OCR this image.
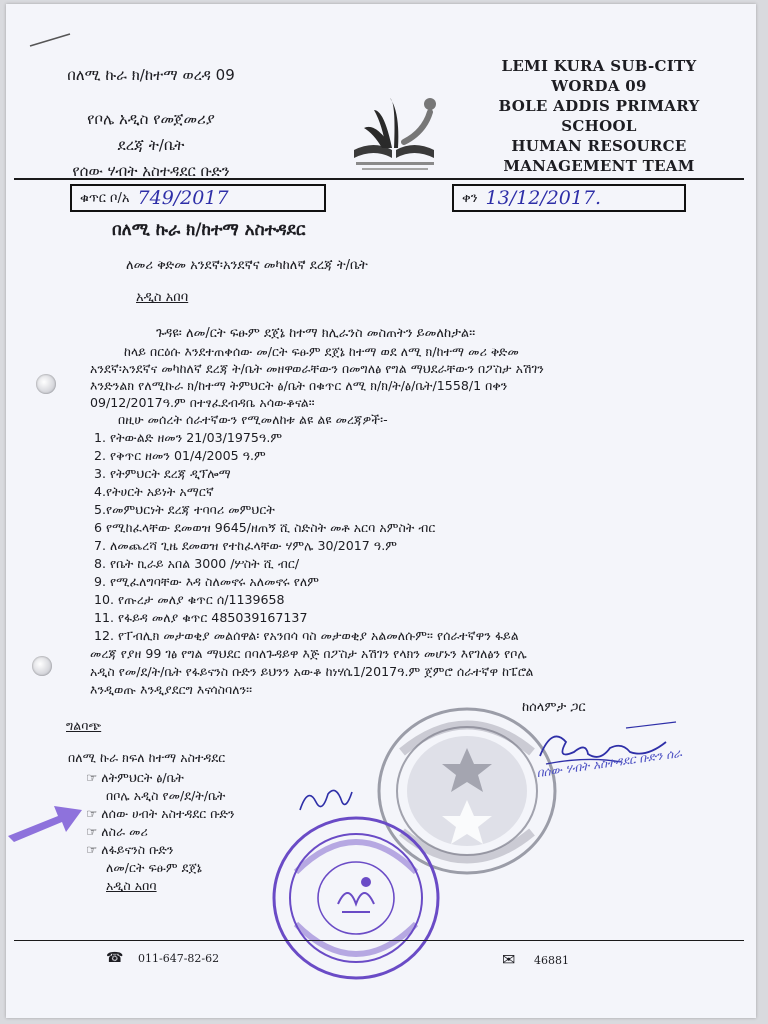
በለሚ ኩራ ክ/ከተማ ወረዳ 09
የቦሌ አዲስ የመጀመሪያ
ደረጃ ት/ቤት
የሰው ሃብት አስተዳደር ቡድን
LEMI KURA SUB-CITY
WORDA 09
BOLE ADDIS PRIMARY
SCHOOL
HUMAN RESOURCE
MANAGEMENT TEAM
ቁጥር ቦ/አ 749/2017	ቀን 13/12/2017.
በለሚ ኩራ ክ/ከተማ አስተዳደር
ለመሪ ቅድመ አንደኛ፡አንደኛና መካከለኛ ደረጃ ት/ቤት
አዲስ አበባ
ጉዳዩ፡ ለመ/ርት ፍፁም ደጀኔ ከተማ ክሊራንስ መስጠትን ይመለከታል።
ከላይ በርዕሱ እንደተጠቀሰው መ/ርት ፍፁም ደጀኔ ከተማ ወደ ለሚ ክ/ከተማ መሪ ቅድመ
አንደኛ፡አንደኛና መካከለኛ ደረጃ ት/ቤት መዘዋወራቸውን በመግለፅ የግል ማህደራቸውን በፖስታ አሽገን
እንድንልክ የለሚኩራ ክ/ከተማ ትምህርት ፅ/ቤት በቁጥር ለሚ ክ/ክ/ት/ፅ/ቤት/1558/1 በቀን
09/12/2017ዓ.ም በተፃፈደብዳቤ አሳውቆናል።
በዚሁ መሰረት ሰራተኛውን የሚመለከቱ ልዩ ልዩ መረጃዎች፡-
1. የትውልድ ዘመን 21/03/1975ዓ.ም
2. የቅጥር ዘመን 01/4/2005 ዓ.ም
3. የትምህርት ደረጃ ዲፕሎማ
4.የትሀርት አይነት አማርኛ
5.የመምህርነት ደረጃ ተባባሪ መምህርት
6 የሚከፈላቸው ደመወዝ 9645/ዘጠኝ ሺ ስድስት መቶ አርባ አምስት ብር
7. ለመጨረሻ ጊዜ ደመወዝ የተከፈላቸው ሃምሌ 30/2017 ዓ.ም
8. የቤት ኪራይ አበል 3000 /ሦስት ሺ ብር/
9. የሚፈለግባቸው እዳ ስለመኖሩ አለመኖሩ የለም
10. የጡረታ መለያ ቁጥር ሰ/1139658
11. የፋይዳ መለያ ቁጥር 485039167137
12. የፐብሊክ መታወቂያ መልሰዋል፡ የአንበሳ ባስ መታወቂያ አልመለሱም፡፡ የሰራተኛዋን ፋይል
መረጃ የያዘ 99 ገፅ የግል ማህደር በባለጉዳይዋ እጅ በፖስታ አሽገን የላክን መሆኑን እየገለፅን የቦሌ
አዲስ የመ/ደ/ት/ቤት የፋይናንስ ቡድን ይህንን አውቆ ከነሃሴ1/2017ዓ.ም ጀምሮ ሰራተኛዋ ከፔሮል
እንዲወጡ እንዲያደርግ እናሳስባለን፡፡
ከሰላምታ ጋር
በሰው ሃብት አስተዳደር ቡድን ሰራ
ግልባጭ
በለሚ ኩራ ክፍለ ከተማ አስተዳደር
☞ ለትምህርት ፅ/ቤት
በቦሌ አዲስ የመ/ደ/ት/ቤት
☞ ለሰው ሀብት አስተዳደር ቡድን
☞ ለስራ መሪ
☞ ለፋይናንስ ቡድን
ለመ/ርት ፍፁም ደጀኔ
አዲስ አበባ
☎ 011-647-82-62	✉ 46881
